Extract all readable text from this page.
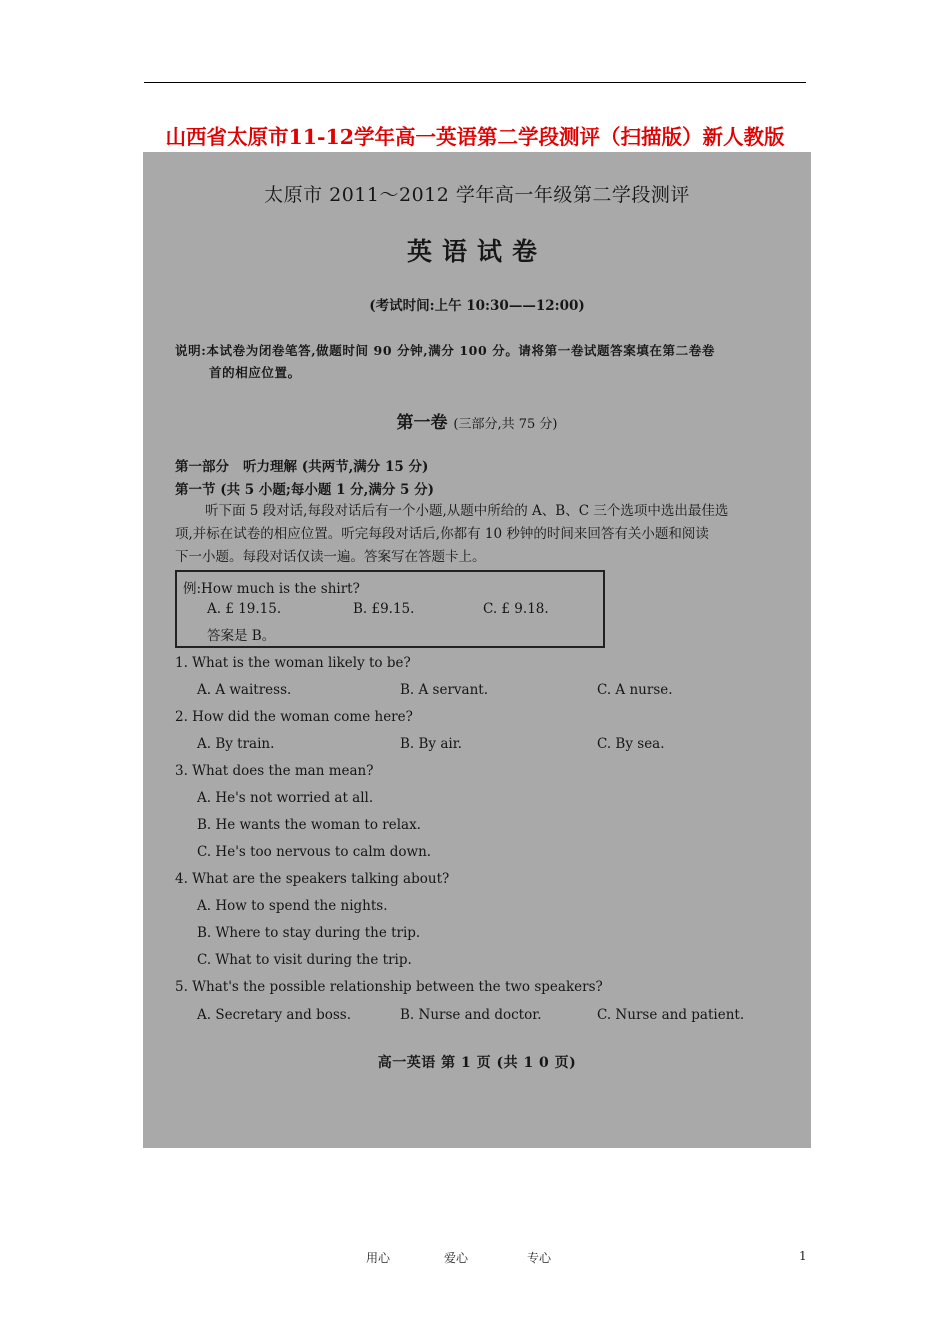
山西省太原市11-12学年高一英语第二学段测评（扫描版）新人教版
太原市 2011～2012 学年高一年级第二学段测评
英语试卷
(考试时间:上午 10:30——12:00)
说明:本试卷为闭卷笔答,做题时间 90 分钟,满分 100 分。请将第一卷试题答案填在第二卷卷
首的相应位置。
第一卷 (三部分,共 75 分)
第一部分 听力理解 (共两节,满分 15 分)
第一节 (共 5 小题;每小题 1 分,满分 5 分)
听下面 5 段对话,每段对话后有一个小题,从题中所给的 A、B、C 三个选项中选出最佳选
项,并标在试卷的相应位置。听完每段对话后,你都有 10 秒钟的时间来回答有关小题和阅读
下一小题。每段对话仅读一遍。答案写在答题卡上。
例:How much is the shirt?
A. £ 19.15.	B. £9.15.	C. £ 9.18.
答案是 B。
1. What is the woman likely to be?
A. A waitress.	B. A servant.	C. A nurse.
2. How did the woman come here?
A. By train.	B. By air.	C. By sea.
3. What does the man mean?
A. He's not worried at all.
B. He wants the woman to relax.
C. He's too nervous to calm down.
4. What are the speakers talking about?
A. How to spend the nights.
B. Where to stay during the trip.
C. What to visit during the trip.
5. What's the possible relationship between the two speakers?
A. Secretary and boss.	B. Nurse and doctor.	C. Nurse and patient.
高一英语 第 1 页 (共 1 0 页)
用心	爱心	专心	1
